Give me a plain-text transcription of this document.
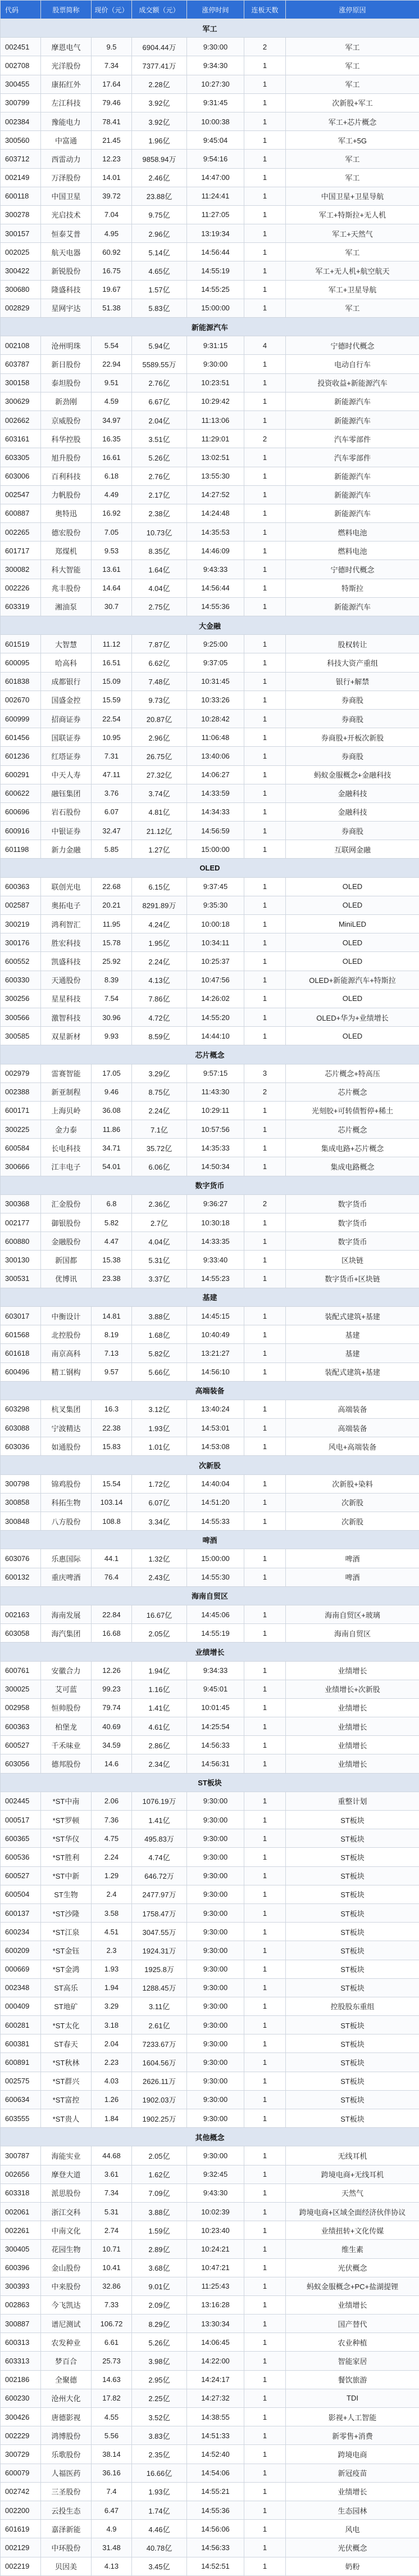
代码	股票简称	现价（元）	成交额（元）	涨停时间	连板天数	涨停原因
军工						
002451	摩恩电气	9.5	6904.44万	9:30:00	2	军工
002708	光洋股份	7.34	7377.41万	9:34:30	1	军工
300455	康拓红外	17.64	2.28亿	10:27:30	1	军工
300799	左江科技	79.46	3.92亿	9:31:45	1	次新股+军工
002384	豫能电力	78.41	3.92亿	10:00:38	1	军工+芯片概念
300560	中富通	21.45	1.96亿	9:45:04	1	军工+5G
603712	西雷动力	12.23	9858.94万	9:54:16	1	军工
002149	万泽股份	14.01	2.46亿	14:47:00	1	军工
600118	中国卫星	39.72	23.88亿	11:24:41	1	中国卫星+卫星导航
300278	光启技术	7.04	9.75亿	11:27:05	1	军工+特斯拉+无人机
300157	恒泰艾普	4.95	2.96亿	13:19:34	1	军工+天然气
002025	航天电器	60.92	5.14亿	14:56:44	1	军工
300422	新锐股份	16.75	4.65亿	14:55:19	1	军工+无人机+航空航天
300680	隆盛科技	19.67	1.57亿	14:55:25	1	军工+卫星导航
002829	星网宇达	51.38	5.83亿	15:00:00	1	军工
新能源汽车						
002108	沧州明珠	5.54	5.94亿	9:31:15	4	宁德时代概念
603787	新日股份	22.94	5589.55万	9:30:00	1	电动自行车
300158	泰坦股份	9.51	2.76亿	10:23:51	1	投资收益+新能源汽车
300629	新劲刚	4.59	6.67亿	10:29:42	1	新能源汽车
002662	京威股份	34.97	2.04亿	11:13:06	1	新能源汽车
603161	科华控股	16.35	3.51亿	11:29:01	2	汽车零部件
603305	旭升股份	16.61	5.26亿	13:02:51	1	汽车零部件
603006	百利科技	6.18	2.76亿	13:55:30	1	新能源汽车
002547	力帆股份	4.49	2.17亿	14:27:52	1	新能源汽车
600887	奥特迅	16.92	2.38亿	14:24:48	1	新能源汽车
002265	德宏股份	7.05	10.73亿	14:35:53	1	燃料电池
601717	郑煤机	9.53	8.35亿	14:46:09	1	燃料电池
300082	科大智能	13.61	1.64亿	9:43:33	1	宁德时代概念
002226	兆丰股份	14.64	4.04亿	14:56:44	1	特斯拉
603319	湘油泵	30.7	2.75亿	14:55:36	1	新能源汽车
大金融						
601519	大智慧	11.12	7.87亿	9:25:00	1	股权转让
600095	哈高科	16.51	6.62亿	9:37:05	1	科技大资产重组
601838	成都银行	15.09	7.48亿	10:31:45	1	银行+解禁
002670	国盛金控	15.59	9.73亿	10:33:26	1	券商股
600999	招商证券	22.54	20.87亿	10:28:42	1	券商股
601456	国联证券	10.95	2.96亿	11:06:48	1	券商股+开板次新股
601236	红塔证券	7.31	26.75亿	13:40:06	1	券商股
600291	中天人寿	47.11	27.32亿	14:06:27	1	蚂蚁金服概念+金融科技
600622	融钰集团	3.76	3.74亿	14:33:59	1	金融科技
600696	岩石股份	6.07	4.81亿	14:34:33	1	金融科技
600916	中银证券	32.47	21.12亿	14:56:59	1	券商股
601198	新力金融	5.85	1.27亿	15:00:00	1	互联网金融
OLED						
600363	联创光电	22.68	6.15亿	9:37:45	1	OLED
002587	奥拓电子	20.21	8291.89万	9:35:30	1	OLED
300219	鸿利智汇	11.95	4.24亿	10:00:18	1	MiniLED
300176	胜宏科技	15.78	1.95亿	10:34:11	1	OLED
600552	凯盛科技	25.92	2.24亿	10:25:37	1	OLED
600330	天通股份	8.39	4.13亿	10:47:56	1	OLED+新能源汽车+特斯拉
300256	星星科技	7.54	7.86亿	14:26:02	1	OLED
300566	激智科技	30.96	4.72亿	14:55:20	1	OLED+华为+业绩增长
300585	双星新材	9.93	8.59亿	14:44:10	1	OLED
芯片概念						
002979	雷赛智能	17.05	3.29亿	9:57:15	3	芯片概念+特高压
002388	新亚制程	9.46	8.75亿	11:43:30	2	芯片概念
600171	上海贝岭	36.08	2.24亿	10:29:11	1	光刻胶+可转债暂停+稀土
300225	金力泰	11.86	7.1亿	10:57:56	1	芯片概念
600584	长电科技	34.71	35.72亿	14:35:33	1	集成电路+芯片概念
300666	江丰电子	54.01	6.06亿	14:50:34	1	集成电路概念
数字货币						
300368	汇金股份	6.8	2.36亿	9:36:27	2	数字货币
002177	御银股份	5.82	2.7亿	10:30:18	1	数字货币
600880	金融股份	4.47	4.04亿	14:33:35	1	数字货币
300130	新国都	15.38	5.31亿	9:33:40	1	区块链
300531	优博讯	23.38	3.37亿	14:55:23	1	数字货币+区块链
基建						
603017	中衡设计	14.81	3.88亿	14:45:15	1	装配式建筑+基建
601568	北控股份	8.19	1.68亿	10:40:49	1	基建
601618	南京高科	7.13	5.82亿	13:21:27	1	基建
600496	精工钢构	9.57	5.66亿	14:56:10	1	装配式建筑+基建
高端装备						
603298	杭叉集团	16.3	3.12亿	13:40:24	1	高端装备
603088	宁波精达	22.38	1.93亿	14:53:01	1	高端装备
603036	如通股份	15.83	1.01亿	14:53:08	1	风电+高端装备
次新股						
300798	锦鸡股份	15.54	1.72亿	14:40:04	1	次新股+染料
300858	科拓生物	103.14	6.07亿	14:51:20	1	次新股
300848	八方股份	108.8	3.34亿	14:55:33	1	次新股
啤酒						
603076	乐惠国际	44.1	1.32亿	15:00:00	1	啤酒
600132	重庆啤酒	76.4	2.43亿	14:55:30	1	啤酒
海南自贸区						
002163	海南发展	22.84	16.67亿	14:45:06	1	海南自贸区+玻璃
603058	海汽集团	16.68	2.05亿	14:55:19	1	海南自贸区
业绩增长						
600761	安徽合力	12.26	1.94亿	9:34:33	1	业绩增长
300025	艾可蓝	99.23	1.16亿	9:45:01	1	业绩增长+次新股
002958	恒帅股份	79.74	1.41亿	10:01:45	1	业绩增长
600363	柏堡龙	40.69	4.61亿	14:25:54	1	业绩增长
600527	千禾味业	34.59	2.86亿	14:56:33	1	业绩增长
603056	德邦股份	14.6	2.34亿	14:56:31	1	业绩增长
ST板块						
002445	*ST中南	2.06	1076.19万	9:30:00	1	重整计划
000517	*ST罗顿	7.36	1.41亿	9:30:00	1	ST板块
600365	*ST华仪	4.75	495.83万	9:30:00	1	ST板块
600536	*ST胜利	2.24	4.74亿	9:30:00	1	ST板块
600527	*ST中新	1.29	646.72万	9:30:00	1	ST板块
600504	ST生物	2.4	2477.97万	9:30:00	1	ST板块
600137	*ST沙隆	3.58	1758.47万	9:30:00	1	ST板块
600234	*ST江泉	4.51	3047.55万	9:30:00	1	ST板块
600209	*ST金钰	2.3	1924.31万	9:30:00	1	ST板块
000669	*ST金鸿	1.93	1925.8万	9:30:00	1	ST板块
002348	ST高乐	1.94	1288.45万	9:30:00	1	ST板块
000409	ST地矿	3.29	3.11亿	9:30:00	1	控股股东重组
600281	*ST太化	3.18	2.61亿	9:30:00	1	ST板块
600381	ST春天	2.04	7233.67万	9:30:00	1	ST板块
600891	*ST秋林	2.23	1604.56万	9:30:00	1	ST板块
002575	*ST群兴	4.03	2626.11万	9:30:00	1	ST板块
600634	*ST富控	1.26	1902.03万	9:30:00	1	ST板块
603555	*ST贵人	1.84	1902.25万	9:30:00	1	ST板块
其他概念						
300787	海能实业	44.68	2.05亿	9:30:00	1	无线耳机
002656	摩登大道	3.61	1.62亿	9:32:45	1	跨境电商+无线耳机
603318	派思股份	7.34	7.09亿	9:43:30	1	天然气
002061	浙江交科	5.31	3.88亿	10:02:39	1	跨境电商+区域全面经济伙伴协议
002261	中南文化	2.74	1.59亿	10:23:40	1	业绩扭转+文化传媒
300405	花园生物	10.71	2.89亿	10:24:21	1	维生素
600396	金山股份	10.41	3.68亿	10:47:21	1	光伏概念
300393	中来股份	32.86	9.01亿	11:25:43	1	蚂蚁金服概念+PC+盐湖提锂
002863	今飞凯达	7.33	2.09亿	13:16:28	1	业绩增长
300887	谱尼测试	106.72	8.29亿	13:30:34	1	国产替代
600313	农发种业	6.61	5.26亿	14:06:45	1	农业种植
603313	梦百合	25.73	3.98亿	14:22:00	1	智能家居
002186	全聚德	14.63	2.95亿	14:24:17	1	餐饮旅游
600230	沧州大化	17.82	2.25亿	14:27:32	1	TDI
300426	唐德影视	4.55	3.52亿	14:38:55	1	影视+人工智能
002229	鸿博股份	5.56	3.83亿	14:51:33	1	新零售+消费
300729	乐歌股份	38.14	2.35亿	14:52:40	1	跨境电商
600079	人福医药	36.16	16.66亿	14:54:06	1	新冠疫苗
002742	三圣股份	7.4	1.93亿	14:55:21	1	业绩增长
002200	云投生态	6.47	1.74亿	14:55:36	1	生态园林
601619	嘉泽新能	4.9	4.46亿	14:56:06	1	风电
002129	中环股份	31.48	40.78亿	14:56:33	1	光伏概念
002219	贝因美	4.13	3.45亿	14:52:51	1	奶粉
